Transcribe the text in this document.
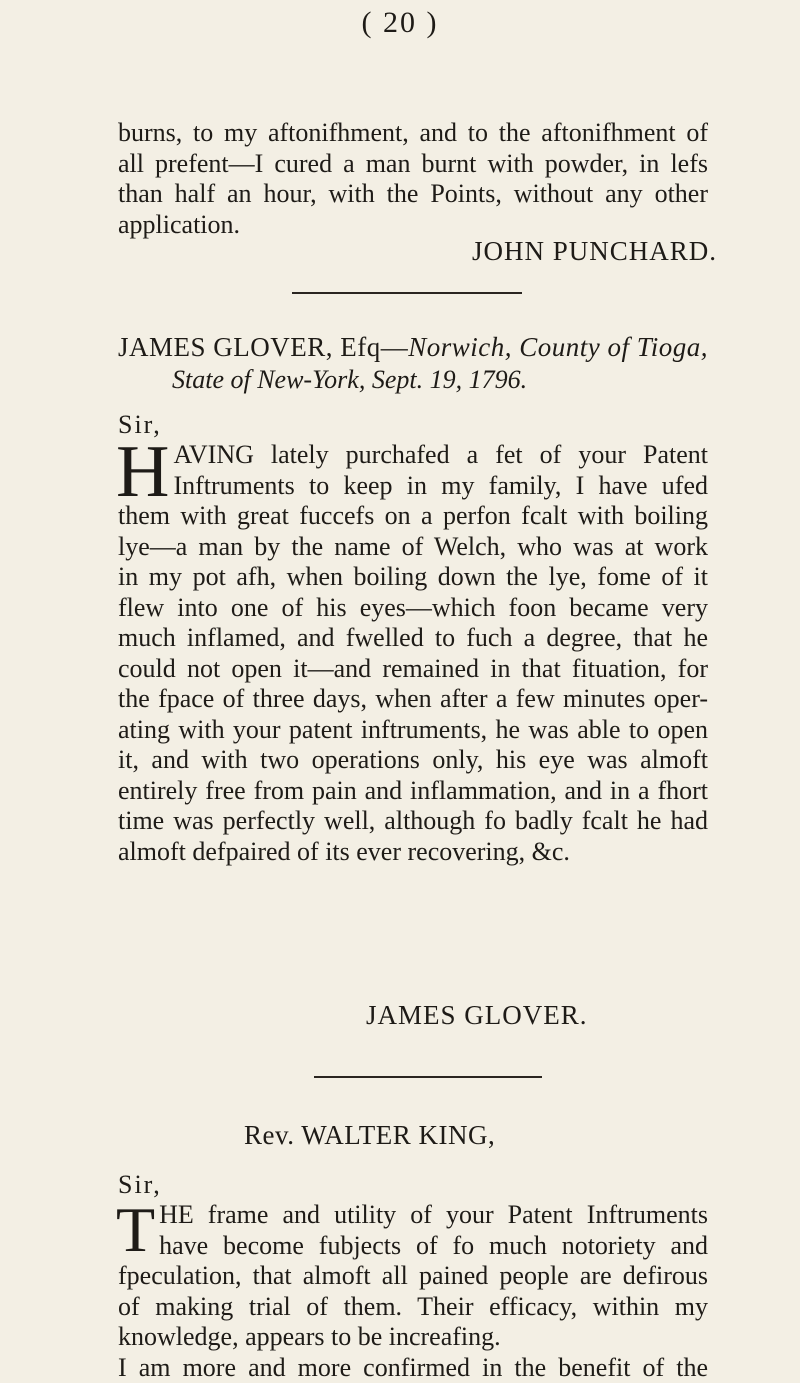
( 20 )
burns, to my aftonifhment, and to the aftonifhment of
all prefent—I cured a man burnt with powder, in lefs
than half an hour, with the Points, without any other
application.
JOHN PUNCHARD.
JAMES GLOVER, Efq—Norwich, County of Tioga,
State of New-York, Sept. 19, 1796.
Sir,
H AVING lately purchafed a fet of your Patent
Inftruments to keep in my family, I have ufed
them with great fuccefs on a perfon fcalt with boiling
lye—a man by the name of Welch, who was at work
in my pot afh, when boiling down the lye, fome of it
flew into one of his eyes—which foon became very
much inflamed, and fwelled to fuch a degree, that he
could not open it—and remained in that fituation, for
the fpace of three days, when after a few minutes oper-
ating with your patent inftruments, he was able to open
it, and with two operations only, his eye was almoft
entirely free from pain and inflammation, and in a fhort
time was perfectly well, although fo badly fcalt he had
almoft defpaired of its ever recovering, &c.
JAMES GLOVER.
Rev. WALTER KING,
Sir,
T HE frame and utility of your Patent Inftruments
have become fubjects of fo much notoriety and
fpeculation, that almoft all pained people are defirous
of making trial of them. Their efficacy, within my
knowledge, appears to be increafing.
I am more and more confirmed in the benefit of the
